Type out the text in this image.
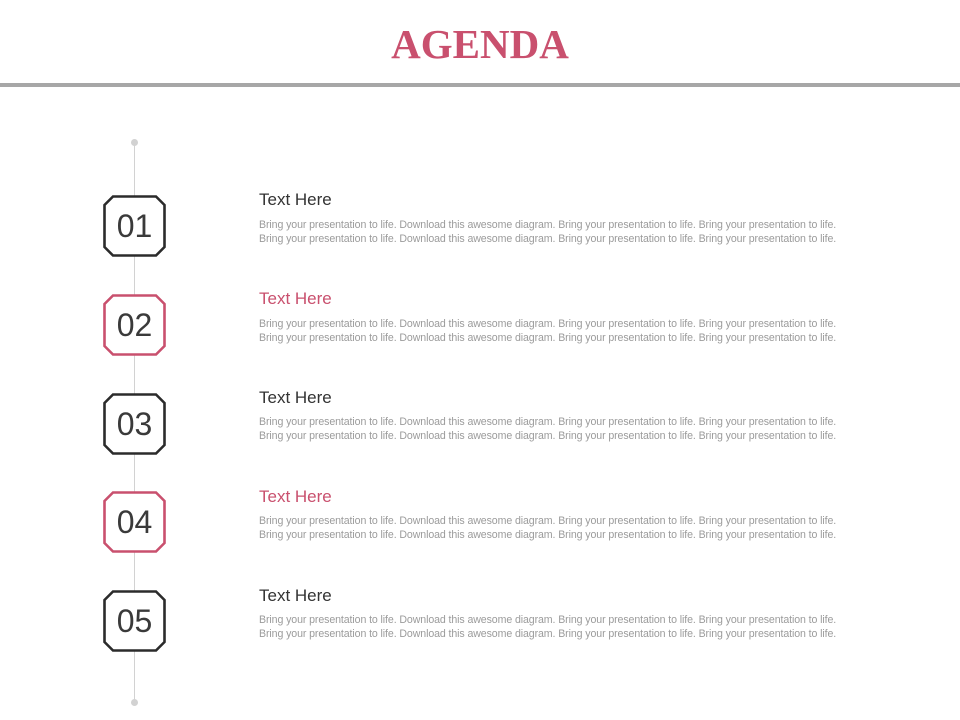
AGENDA
01
Text Here
Bring your presentation to life. Download this awesome diagram. Bring your presentation to life. Bring your presentation to life. Bring your presentation to life. Download this awesome diagram. Bring your presentation to life. Bring your presentation to life.
02
Text Here
Bring your presentation to life. Download this awesome diagram. Bring your presentation to life. Bring your presentation to life. Bring your presentation to life. Download this awesome diagram. Bring your presentation to life. Bring your presentation to life.
03
Text Here
Bring your presentation to life. Download this awesome diagram. Bring your presentation to life. Bring your presentation to life. Bring your presentation to life. Download this awesome diagram. Bring your presentation to life. Bring your presentation to life.
04
Text Here
Bring your presentation to life. Download this awesome diagram. Bring your presentation to life. Bring your presentation to life. Bring your presentation to life. Download this awesome diagram. Bring your presentation to life. Bring your presentation to life.
05
Text Here
Bring your presentation to life. Download this awesome diagram. Bring your presentation to life. Bring your presentation to life. Bring your presentation to life. Download this awesome diagram. Bring your presentation to life. Bring your presentation to life.
